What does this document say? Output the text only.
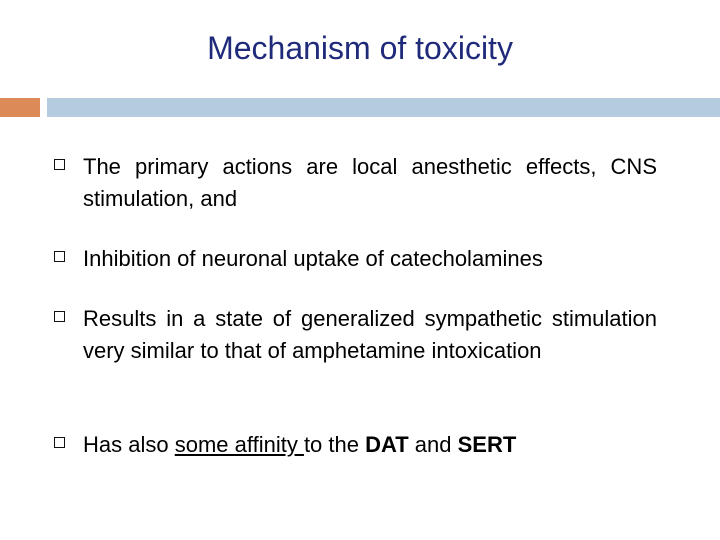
Mechanism of toxicity
The primary actions are local anesthetic effects, CNS stimulation, and
Inhibition of neuronal uptake of catecholamines
Results in a state of generalized sympathetic stimulation very similar to that of amphetamine intoxication
Has also some affinity to the DAT and SERT
